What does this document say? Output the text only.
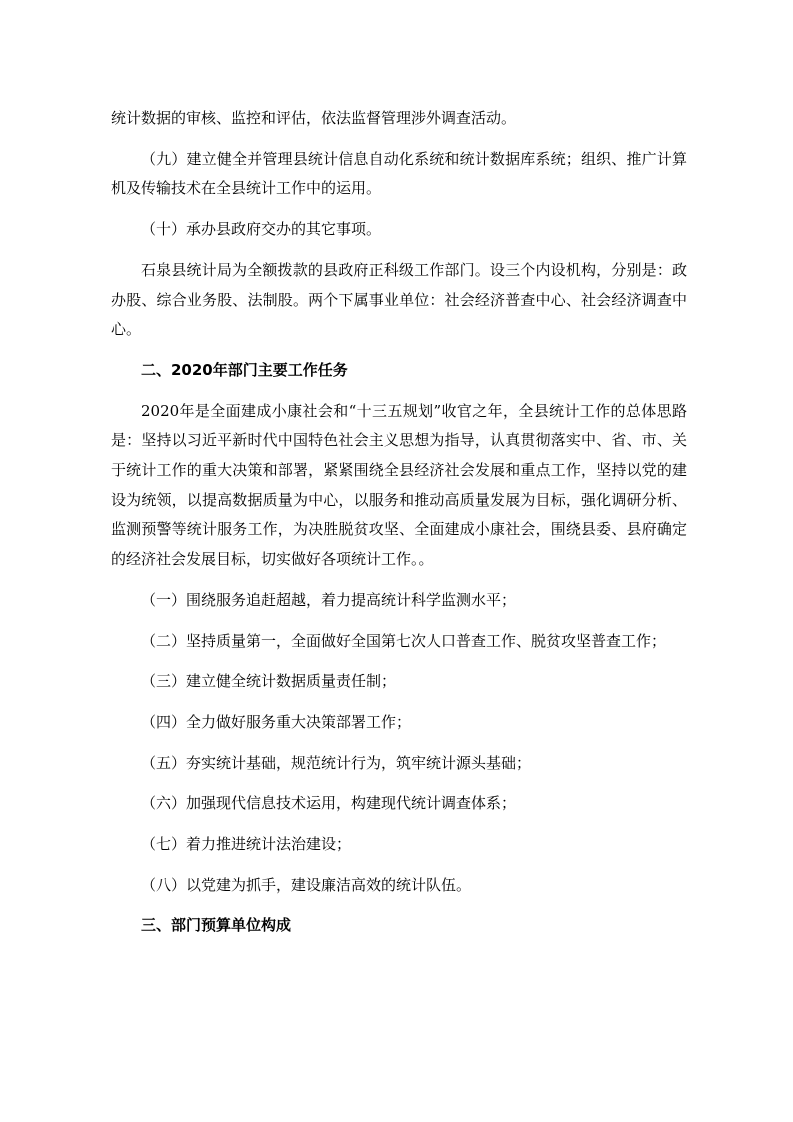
统计数据的审核、监控和评估，依法监督管理涉外调查活动。

（九）建立健全并管理县统计信息自动化系统和统计数据库系统；组织、推广计算机及传输技术在全县统计工作中的运用。

（十）承办县政府交办的其它事项。

石泉县统计局为全额拨款的县政府正科级工作部门。设三个内设机构，分别是：政办股、综合业务股、法制股。两个下属事业单位：社会经济普查中心、社会经济调查中心。

二、2020年部门主要工作任务

2020年是全面建成小康社会和“十三五规划”收官之年，全县统计工作的总体思路是：坚持以习近平新时代中国特色社会主义思想为指导，认真贯彻落实中、省、市、关于统计工作的重大决策和部署，紧紧围绕全县经济社会发展和重点工作，坚持以党的建设为统领，以提高数据质量为中心，以服务和推动高质量发展为目标，强化调研分析、监测预警等统计服务工作，为决胜脱贫攻坚、全面建成小康社会，围绕县委、县府确定的经济社会发展目标，切实做好各项统计工作。。

（一）围绕服务追赶超越，着力提高统计科学监测水平；

（二）坚持质量第一，全面做好全国第七次人口普查工作、脱贫攻坚普查工作；

（三）建立健全统计数据质量责任制；

（四）全力做好服务重大决策部署工作；

（五）夯实统计基础，规范统计行为，筑牢统计源头基础；

（六）加强现代信息技术运用，构建现代统计调查体系；

（七）着力推进统计法治建设；

（八）以党建为抓手，建设廉洁高效的统计队伍。

三、部门预算单位构成
